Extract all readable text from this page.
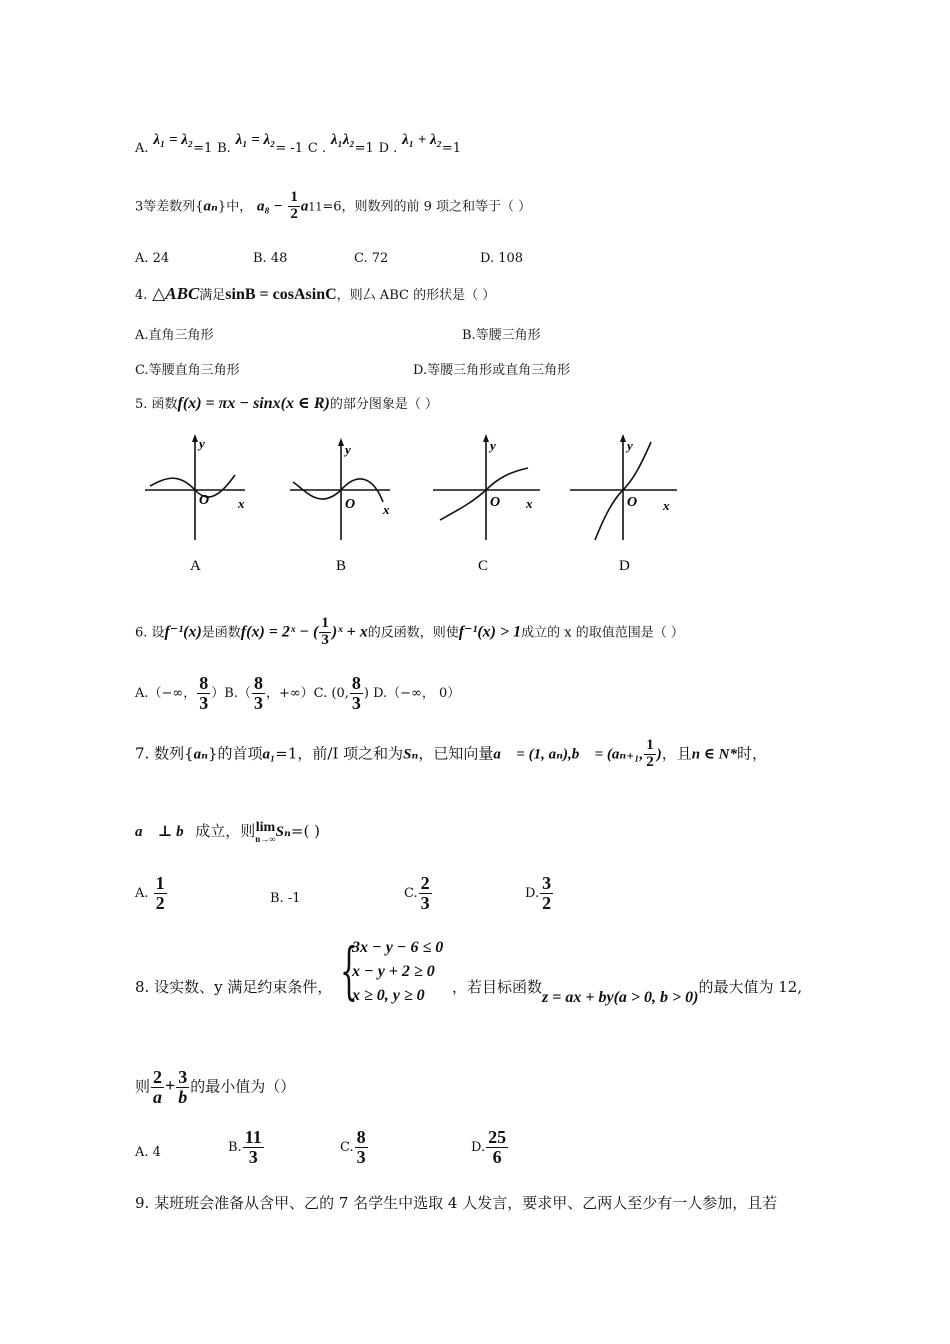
A. λ₁ = λ₂=1 B. λ₁ = λ₂= -1 C . λ₁λ₂=1 D . λ₁ + λ₂=1
3等差数列{aₙ}中， $a_8 - \frac{1}{2} a11=6$，则数列的前 9 项之和等于（ ）
A. 24	B. 48	C. 72	D. 108
4. △ABC满足sinB = cosAsinC，则厶 ABC 的形状是（ ）
A.直角三角形	B.等腰三角形
C.等腰直角三角形	D.等腰三角形或直角三角形
5. 函数f(x) = πx − sinx(x ∈ R)的部分图象是（ ）
y
O x
A
y
O x
B
y
O x
C
y
O x
D
6. 设f⁻¹(x)是函数f(x) = 2ˣ − ( $\frac{1}{3}$ )ˣ + x的反函数，则使f⁻¹(x) > 1成立的 x 的取值范围是（ ）
A.（−∞， $\frac{8}{3} )B.( \frac{8}{3}$ ，+∞）C. (0, $\frac{8}{3}$ ) D.（−∞， 0）
7. 数列{aₙ}的首项a₁=1，前/I 项之和为Sₙ，已知向量a⃗ = (1, aₙ),b⃗ = (aₙ₊₁, $\frac{1}{2}$ )，且n ∈ N*时，
a⃗ ⊥ b⃗成立，则 lim
n→∞ Sₙ=( )
A. $\frac{1}{2}$	B. -1	C. $\frac{2}{3}$	D. $\frac{3}{2}$
8. 设实数、y 满足约束条件， {
3x − y − 6 ≤ 0
x − y + 2 ≥ 0
x ≥ 0, y ≥ 0	，若目标函数z = ax + by(a > 0, b > 0)的最大值为 12,
则 $\frac{2}{a} + \frac{3}{b}$ 的最小值为（）
A. 4	B. $\frac{11}{3}$	C. $\frac{8}{3}$	D. $\frac{25}{6}$
9. 某班班会准备从含甲、乙的 7 名学生中选取 4 人发言，要求甲、乙两人至少有一人参加，且若
